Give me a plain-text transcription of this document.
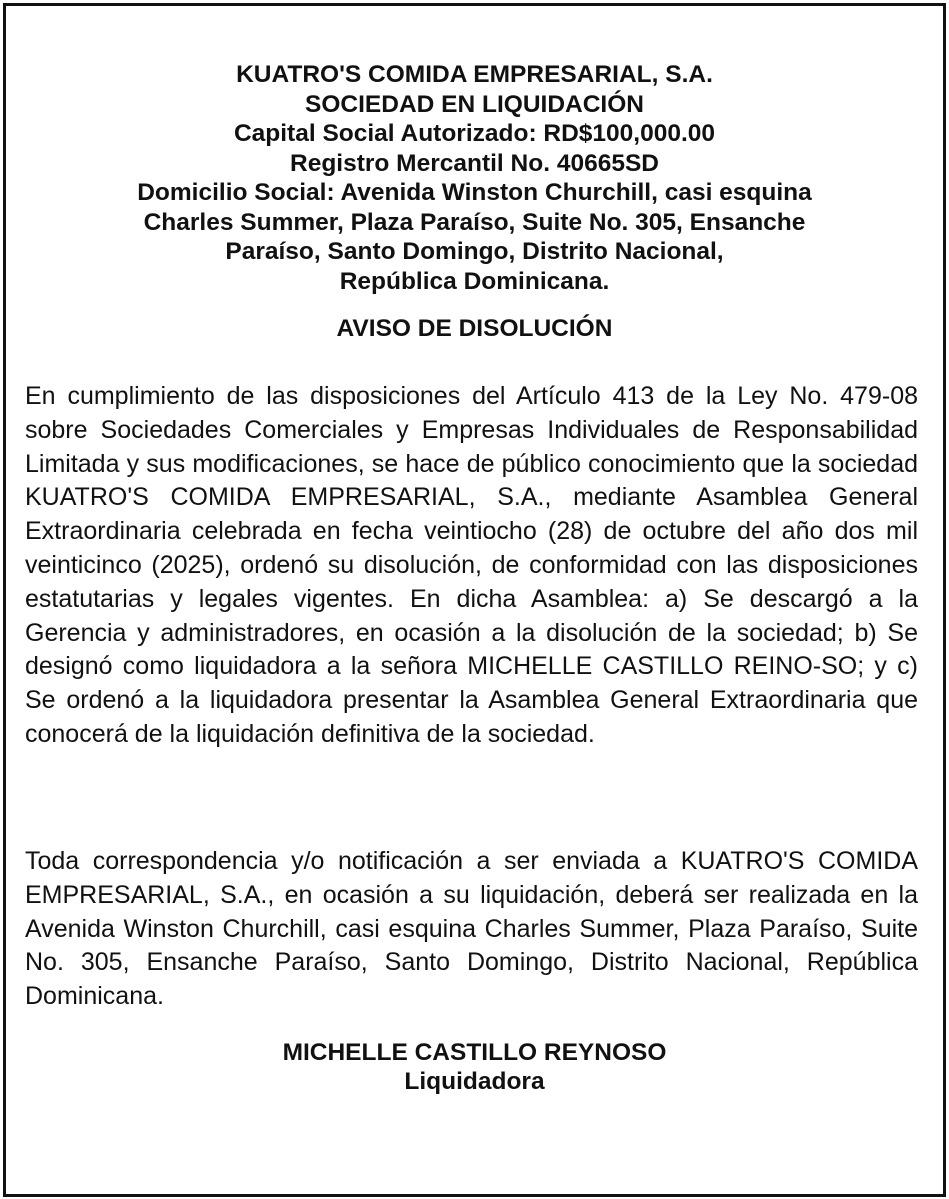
KUATRO'S COMIDA EMPRESARIAL, S.A.
SOCIEDAD EN LIQUIDACIÓN
Capital Social Autorizado: RD$100,000.00
Registro Mercantil No. 40665SD
Domicilio Social: Avenida Winston Churchill, casi esquina
Charles Summer, Plaza Paraíso, Suite No. 305, Ensanche
Paraíso, Santo Domingo, Distrito Nacional,
República Dominicana.
AVISO DE DISOLUCIÓN

En cumplimiento de las disposiciones del Artículo 413 de la Ley No. 479-08 sobre Sociedades Comerciales y Empresas Individuales de Responsabilidad Limitada y sus modificaciones, se hace de público conocimiento que la sociedad KUATRO'S COMIDA EMPRESARIAL, S.A., mediante Asamblea General Extraordinaria celebrada en fecha veintiocho (28) de octubre del año dos mil veinticinco (2025), ordenó su disolución, de conformidad con las disposiciones estatutarias y legales vigentes. En dicha Asamblea: a) Se descargó a la Gerencia y administradores, en ocasión a la disolución de la sociedad; b) Se designó como liquidadora a la señora MICHELLE CASTILLO REINO-SO; y c) Se ordenó a la liquidadora presentar la Asamblea General Extraordinaria que conocerá de la liquidación definitiva de la sociedad.

Toda correspondencia y/o notificación a ser enviada a KUATRO'S COMIDA EMPRESARIAL, S.A., en ocasión a su liquidación, deberá ser realizada en la Avenida Winston Churchill, casi esquina Charles Summer, Plaza Paraíso, Suite No. 305, Ensanche Paraíso, Santo Domingo, Distrito Nacional, República Dominicana.

MICHELLE CASTILLO REYNOSO
Liquidadora
